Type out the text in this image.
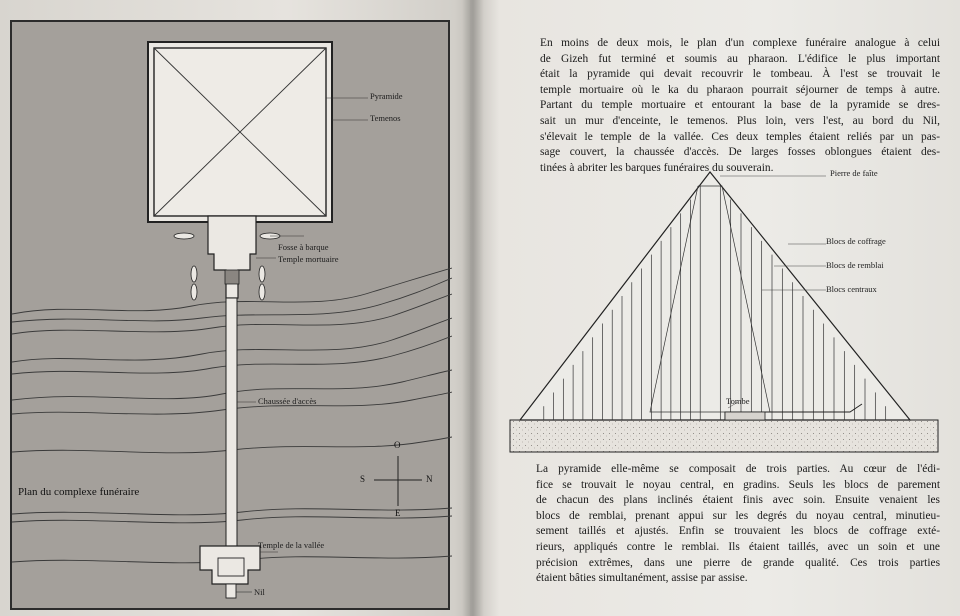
Pyramide
Temenos
Fosse à barque
Temple mortuaire
Chaussée d'accès
Temple de la vallée
Nil
Plan du complexe funéraire
O
S	N
E
En moins de deux mois, le plan d'un complexe funéraire analogue à celui
de Gizeh fut terminé et soumis au pharaon. L'édifice le plus important
était la pyramide qui devait recouvrir le tombeau. À l'est se trouvait le
temple mortuaire où le ka du pharaon pourrait séjourner de temps à autre.
Partant du temple mortuaire et entourant la base de la pyramide se dres-
sait un mur d'enceinte, le temenos. Plus loin, vers l'est, au bord du Nil,
s'élevait le temple de la vallée. Ces deux temples étaient reliés par un pas-
sage couvert, la chaussée d'accès. De larges fosses oblongues étaient des-
tinées à abriter les barques funéraires du souverain.	Pierre de faîte
Blocs de coffrage
Blocs de remblai
Blocs centraux
Tombe
La pyramide elle-même se composait de trois parties. Au cœur de l'édi-
fice se trouvait le noyau central, en gradins. Seuls les blocs de parement
de chacun des plans inclinés étaient finis avec soin. Ensuite venaient les
blocs de remblai, prenant appui sur les degrés du noyau central, minutieu-
sement taillés et ajustés. Enfin se trouvaient les blocs de coffrage exté-
rieurs, appliqués contre le remblai. Ils étaient taillés, avec un soin et une
précision extrêmes, dans une pierre de grande qualité. Ces trois parties
étaient bâties simultanément, assise par assise.
